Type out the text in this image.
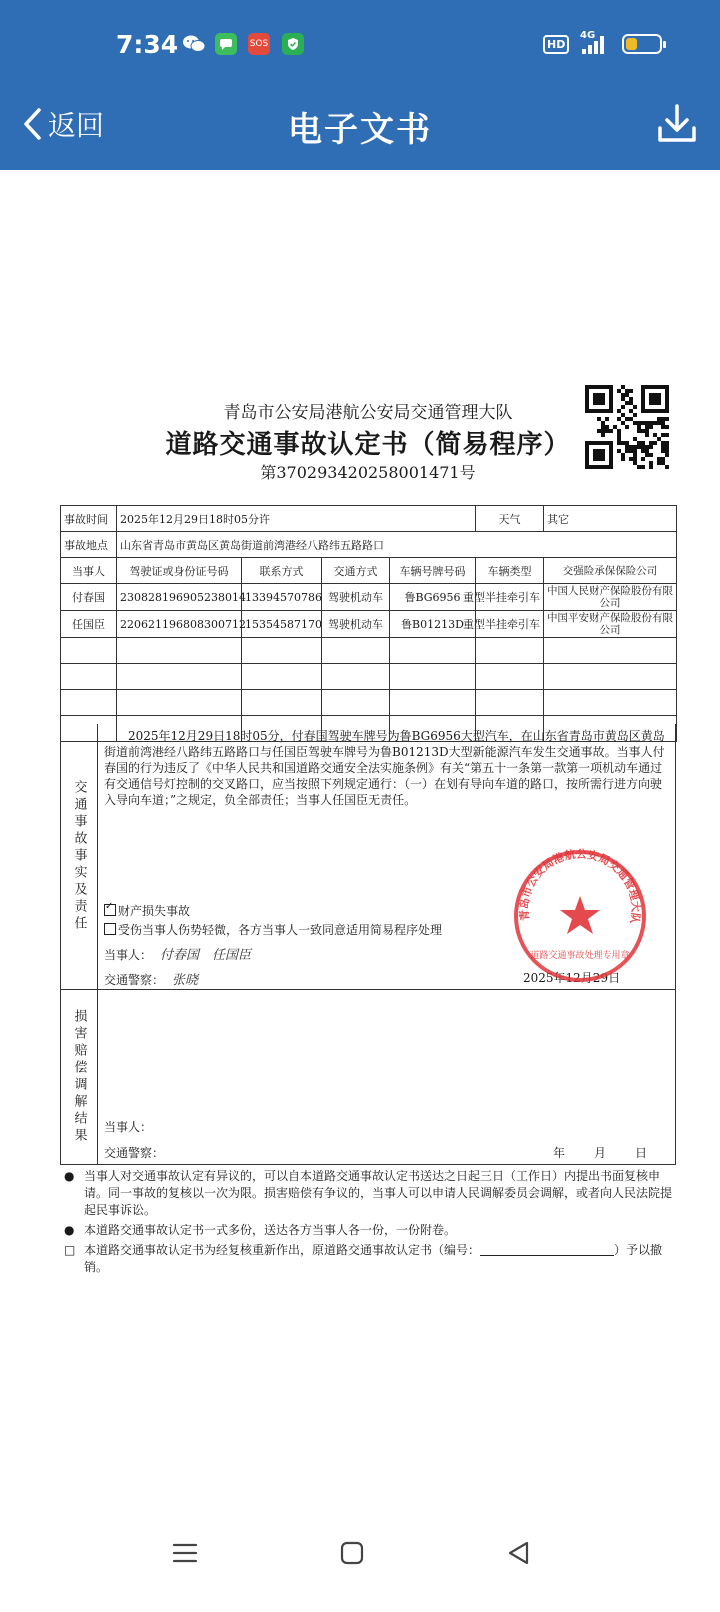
7:34	SOS	HD
4G
返回	电子文书
青岛市公安局港航公安局交通管理大队
道路交通事故认定书（简易程序）
第370293420258001471号
事故时间	2025年12月29日18时05分许				天气	其它
事故地点	山东省青岛市黄岛区黄岛街道前湾港经八路纬五路路口					
当事人	驾驶证或身份证号码	联系方式	交通方式	车辆号牌号码	车辆类型	交强险承保保险公司
付春国	230828196905238014	13394570786	驾驶机动车	鲁BG6956	重型半挂牵引车	中国人民财产保险股份有限公司
任国臣	220621196808300712	15354587170	驾驶机动车	鲁B01213D	重型半挂牵引车	中国平安财产保险股份有限公司

交通事故事实及责任
2025年12月29日18时05分，付春国驾驶车牌号为鲁BG6956大型汽车，在山东省青岛市黄岛区黄岛街道前湾港经八路纬五路路口与任国臣驾驶车牌号为鲁B01213D大型新能源汽车发生交通事故。当事人付春国的行为违反了《中华人民共和国道路交通安全法实施条例》有关“第五十一条第一款第一项机动车通过有交通信号灯控制的交叉路口，应当按照下列规定通行：（一）在划有导向车道的路口，按所需行进方向驶入导向车道；”之规定，负全部责任；当事人任国臣无责任。
✓财产损失事故
受伤当事人伤势轻微，各方当事人一致同意适用简易程序处理
当事人： 付春国　任国臣
交通警察： 张晓	2025年12月29日
青岛市公安局港航公安局交通管理大队
道路交通事故处理专用章
损害赔偿调解结果 当事人：
交通警察：	年 月 日
● 当事人对交通事故认定有异议的，可以自本道路交通事故认定书送达之日起三日（工作日）内提出书面复核申请。同一事故的复核以一次为限。损害赔偿有争议的，当事人可以申请人民调解委员会调解，或者向人民法院提起民事诉讼。
● 本道路交通事故认定书一式多份，送达各方当事人各一份，一份附卷。
□ 本道路交通事故认定书为经复核重新作出，原道路交通事故认定书（编号：	）予以撤销。
